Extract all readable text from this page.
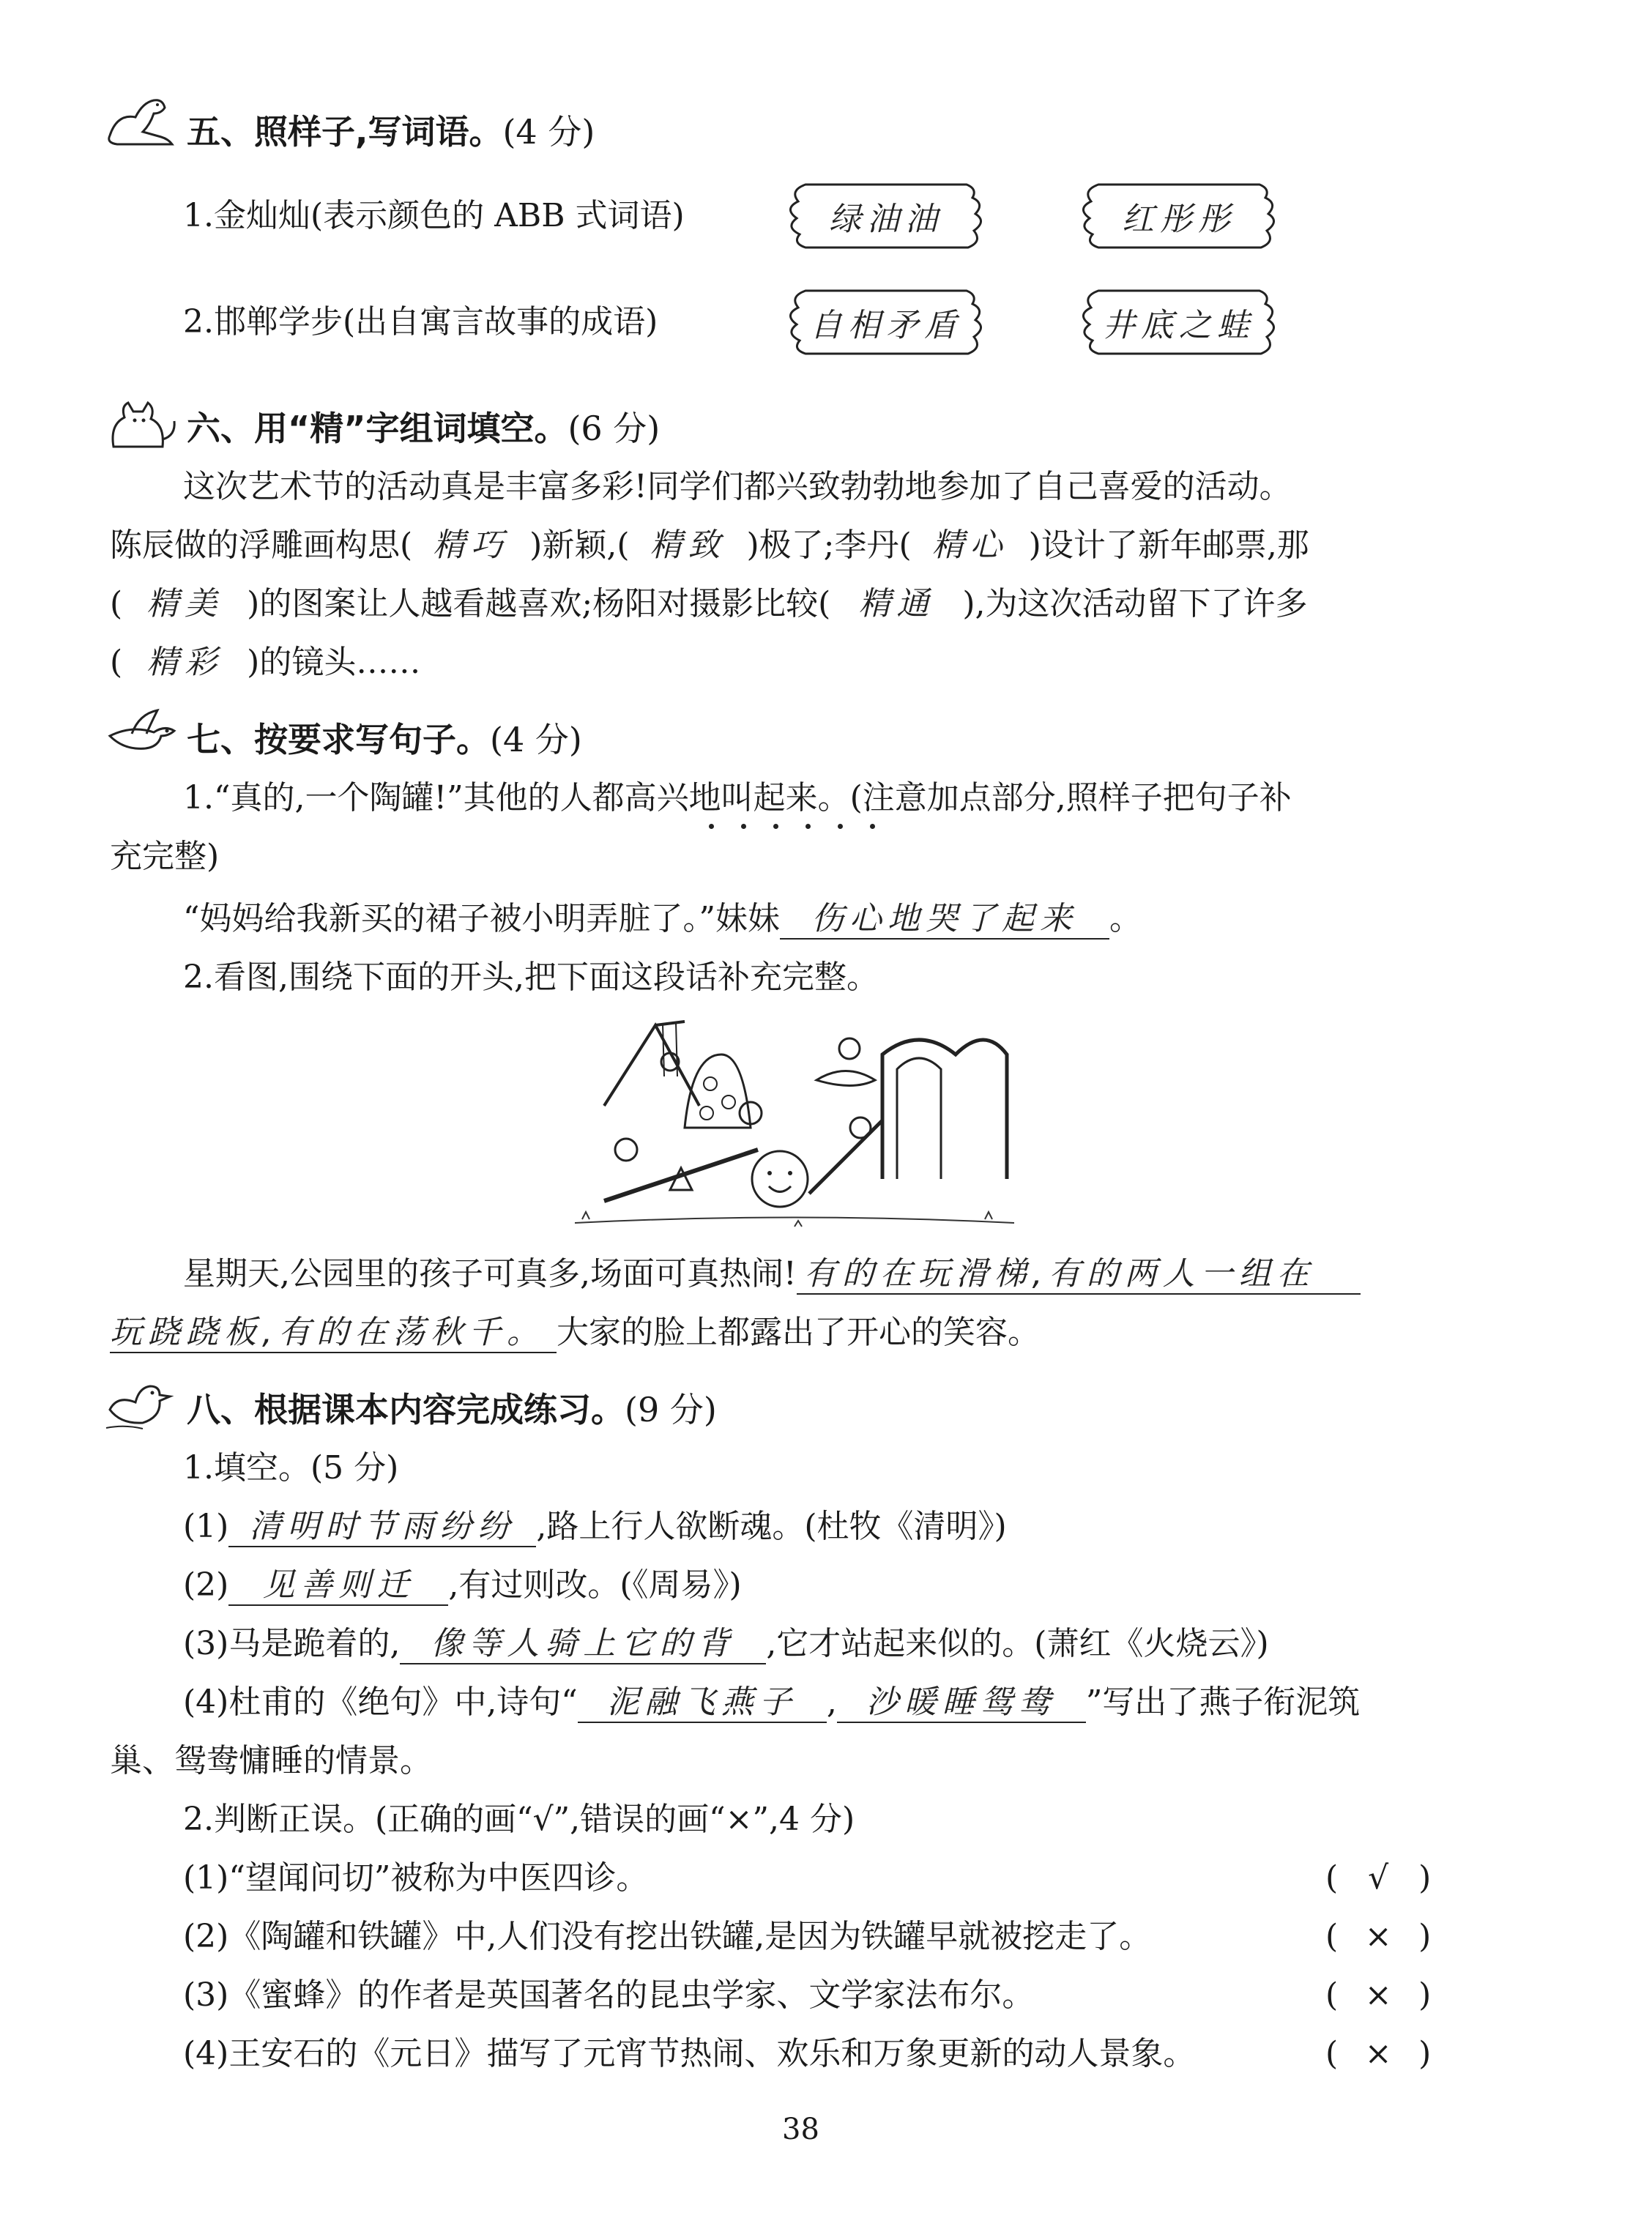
五、照样子,写词语。(4 分)
1.金灿灿(表示颜色的 ABB 式词语)	绿油油	红彤彤
2.邯郸学步(出自寓言故事的成语)	自相矛盾	井底之蛙
六、用“精”字组词填空。(6 分)
这次艺术节的活动真是丰富多彩!同学们都兴致勃勃地参加了自己喜爱的活动。
陈辰做的浮雕画构思( 精巧 )新颖,( 精致 )极了;李丹( 精心 )设计了新年邮票,那
( 精美 )的图案让人越看越喜欢;杨阳对摄影比较( 精通 ),为这次活动留下了许多
( 精彩 )的镜头……
七、按要求写句子。(4 分)
1.“真的,一个陶罐!”其他的人都高兴地叫起来。(注意加点部分,照样子把句子补
充完整)
“妈妈给我新买的裙子被小明弄脏了。”妹妹 伤心地哭了起来 。
2.看图,围绕下面的开头,把下面这段话补充完整。
星期天,公园里的孩子可真多,场面可真热闹! 有的在玩滑梯,有的两人一组在
玩跷跷板,有的在荡秋千。 大家的脸上都露出了开心的笑容。
八、根据课本内容完成练习。(9 分)
1.填空。(5 分)
(1) 清明时节雨纷纷 ,路上行人欲断魂。(杜牧《清明》)
(2) 见善则迁 ,有过则改。(《周易》)
(3)马是跪着的, 像等人骑上它的背 ,它才站起来似的。(萧红《火烧云》)
(4)杜甫的《绝句》中,诗句“ 泥融飞燕子 , 沙暖睡鸳鸯 ”写出了燕子衔泥筑
巢、鸳鸯慵睡的情景。
2.判断正误。(正确的画“√”,错误的画“×”,4 分)
(1)“望闻问切”被称为中医四诊。	( √ )
(2)《陶罐和铁罐》中,人们没有挖出铁罐,是因为铁罐早就被挖走了。	( × )
(3)《蜜蜂》的作者是英国著名的昆虫学家、文学家法布尔。	( × )
(4)王安石的《元日》描写了元宵节热闹、欢乐和万象更新的动人景象。	( × )
38
